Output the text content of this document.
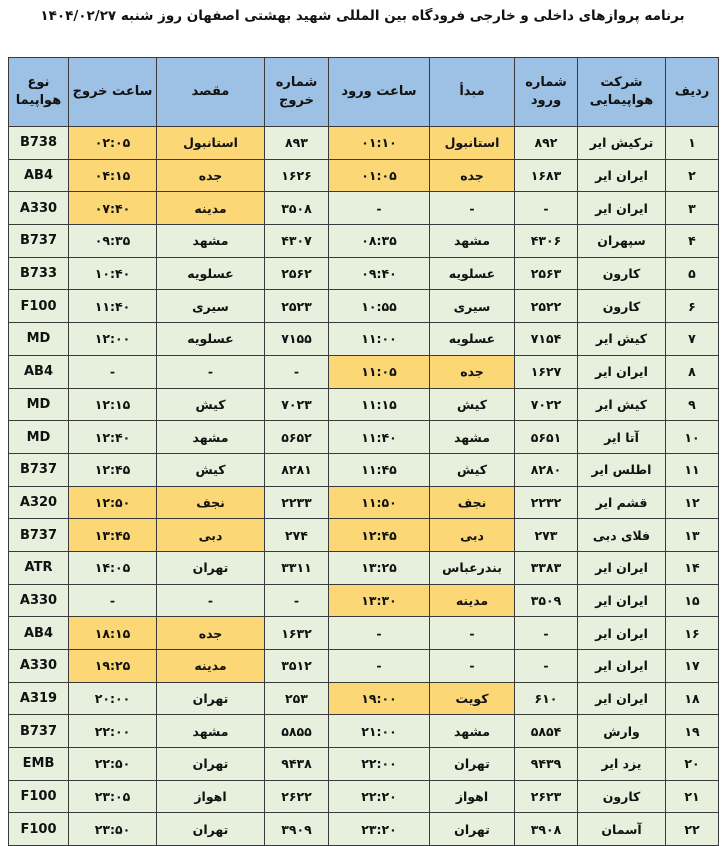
برنامه پروازهای داخلی و خارجی فرودگاه بین المللی شهید بهشتی اصفهان روز شنبه ۱۴۰۴/۰۲/۲۷
ردیف	شرکت هواپیمایی	شماره ورود	مبدأ	ساعت ورود	شماره خروج	مقصد	ساعت خروج	نوع هواپیما
۱	ترکیش ایر	۸۹۲	استانبول	۰۱:۱۰	۸۹۳	استانبول	۰۲:۰۵	B738
۲	ایران ایر	۱۶۸۳	جده	۰۱:۰۵	۱۶۲۶	جده	۰۴:۱۵	AB4
۳	ایران ایر	-	-	-	۳۵۰۸	مدینه	۰۷:۴۰	A330
۴	سپهران	۴۳۰۶	مشهد	۰۸:۳۵	۴۳۰۷	مشهد	۰۹:۳۵	B737
۵	کارون	۲۵۶۳	عسلویه	۰۹:۴۰	۲۵۶۲	عسلویه	۱۰:۴۰	B733
۶	کارون	۲۵۲۲	سیری	۱۰:۵۵	۲۵۲۳	سیری	۱۱:۴۰	F100
۷	کیش ایر	۷۱۵۴	عسلویه	۱۱:۰۰	۷۱۵۵	عسلویه	۱۲:۰۰	MD
۸	ایران ایر	۱۶۲۷	جده	۱۱:۰۵	-	-	-	AB4
۹	کیش ایر	۷۰۲۲	کیش	۱۱:۱۵	۷۰۲۳	کیش	۱۲:۱۵	MD
۱۰	آتا ایر	۵۶۵۱	مشهد	۱۱:۴۰	۵۶۵۲	مشهد	۱۲:۴۰	MD
۱۱	اطلس ایر	۸۲۸۰	کیش	۱۱:۴۵	۸۲۸۱	کیش	۱۲:۴۵	B737
۱۲	قشم ایر	۲۲۳۲	نجف	۱۱:۵۰	۲۲۳۳	نجف	۱۲:۵۰	A320
۱۳	فلای دبی	۲۷۳	دبی	۱۲:۴۵	۲۷۴	دبی	۱۳:۴۵	B737
۱۴	ایران ایر	۳۳۸۳	بندرعباس	۱۳:۲۵	۳۳۱۱	تهران	۱۴:۰۵	ATR
۱۵	ایران ایر	۳۵۰۹	مدینه	۱۳:۳۰	-	-	-	A330
۱۶	ایران ایر	-	-	-	۱۶۳۲	جده	۱۸:۱۵	AB4
۱۷	ایران ایر	-	-	-	۳۵۱۲	مدینه	۱۹:۲۵	A330
۱۸	ایران ایر	۶۱۰	کویت	۱۹:۰۰	۲۵۳	تهران	۲۰:۰۰	A319
۱۹	وارش	۵۸۵۴	مشهد	۲۱:۰۰	۵۸۵۵	مشهد	۲۲:۰۰	B737
۲۰	یزد ایر	۹۴۳۹	تهران	۲۲:۰۰	۹۴۳۸	تهران	۲۲:۵۰	EMB
۲۱	کارون	۲۶۲۳	اهواز	۲۲:۲۰	۲۶۲۲	اهواز	۲۳:۰۵	F100
۲۲	آسمان	۳۹۰۸	تهران	۲۳:۲۰	۳۹۰۹	تهران	۲۳:۵۰	F100
